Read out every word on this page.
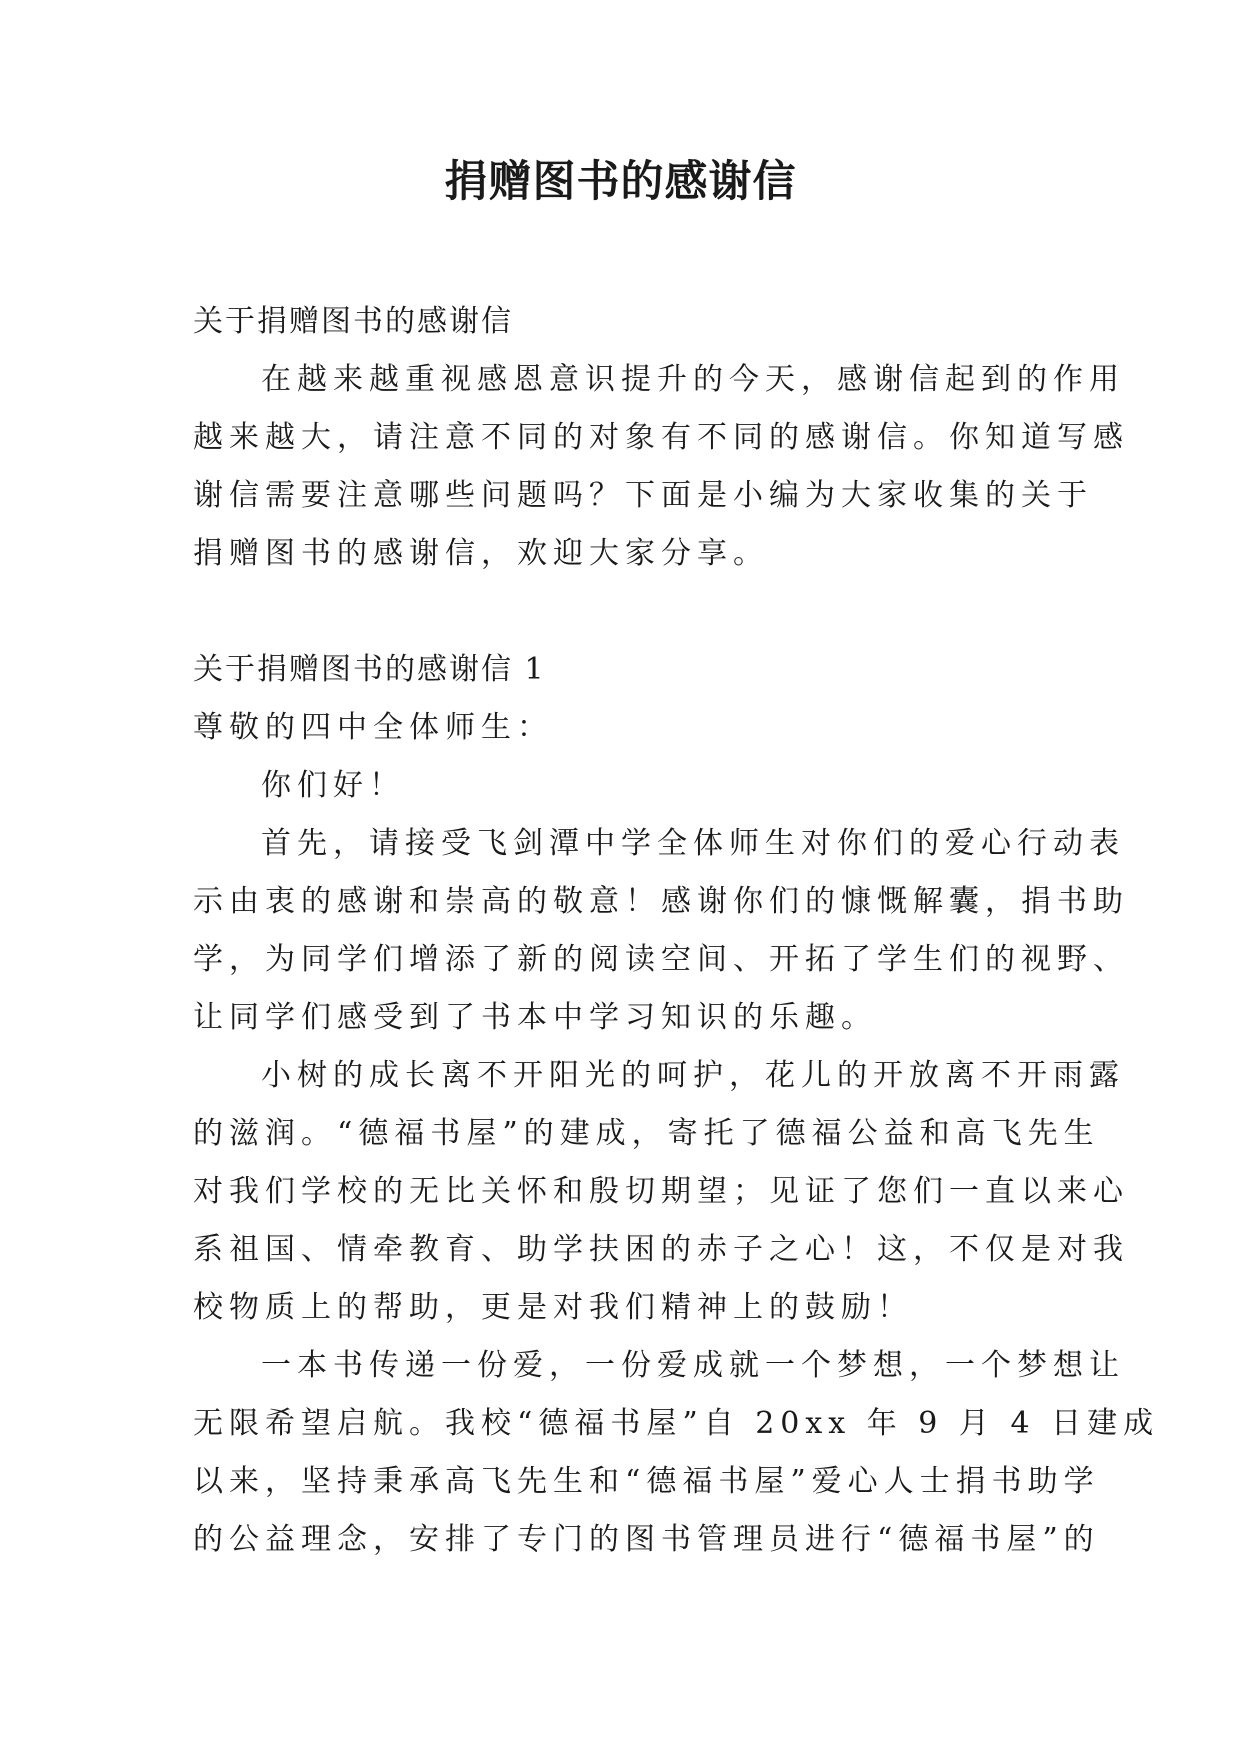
捐赠图书的感谢信
关于捐赠图书的感谢信
在越来越重视感恩意识提升的今天，感谢信起到的作用
越来越大，请注意不同的对象有不同的感谢信。你知道写感
谢信需要注意哪些问题吗？下面是小编为大家收集的关于
捐赠图书的感谢信，欢迎大家分享。
关于捐赠图书的感谢信 1
尊敬的四中全体师生：
你们好！
首先，请接受飞剑潭中学全体师生对你们的爱心行动表
示由衷的感谢和崇高的敬意！感谢你们的慷慨解囊，捐书助
学，为同学们增添了新的阅读空间、开拓了学生们的视野、
让同学们感受到了书本中学习知识的乐趣。
小树的成长离不开阳光的呵护，花儿的开放离不开雨露
的滋润。“德福书屋”的建成，寄托了德福公益和高飞先生
对我们学校的无比关怀和殷切期望；见证了您们一直以来心
系祖国、情牵教育、助学扶困的赤子之心！这，不仅是对我
校物质上的帮助，更是对我们精神上的鼓励！
一本书传递一份爱，一份爱成就一个梦想，一个梦想让
无限希望启航。我校“德福书屋”自 20xx 年 9 月 4 日建成
以来，坚持秉承高飞先生和“德福书屋”爱心人士捐书助学
的公益理念，安排了专门的图书管理员进行“德福书屋”的
